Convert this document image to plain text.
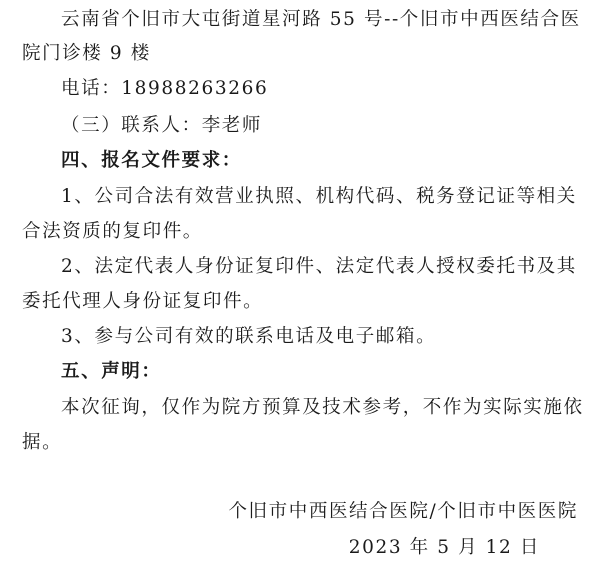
云南省个旧市大屯街道星河路 55 号--个旧市中西医结合医
院门诊楼 9 楼
电话：18988263266
（三）联系人：李老师
四、报名文件要求：
1、公司合法有效营业执照、机构代码、税务登记证等相关
合法资质的复印件。
2、法定代表人身份证复印件、法定代表人授权委托书及其
委托代理人身份证复印件。
3、参与公司有效的联系电话及电子邮箱。
五、声明：
本次征询，仅作为院方预算及技术参考，不作为实际实施依
据。
个旧市中西医结合医院/个旧市中医医院
2023 年 5 月 12 日
